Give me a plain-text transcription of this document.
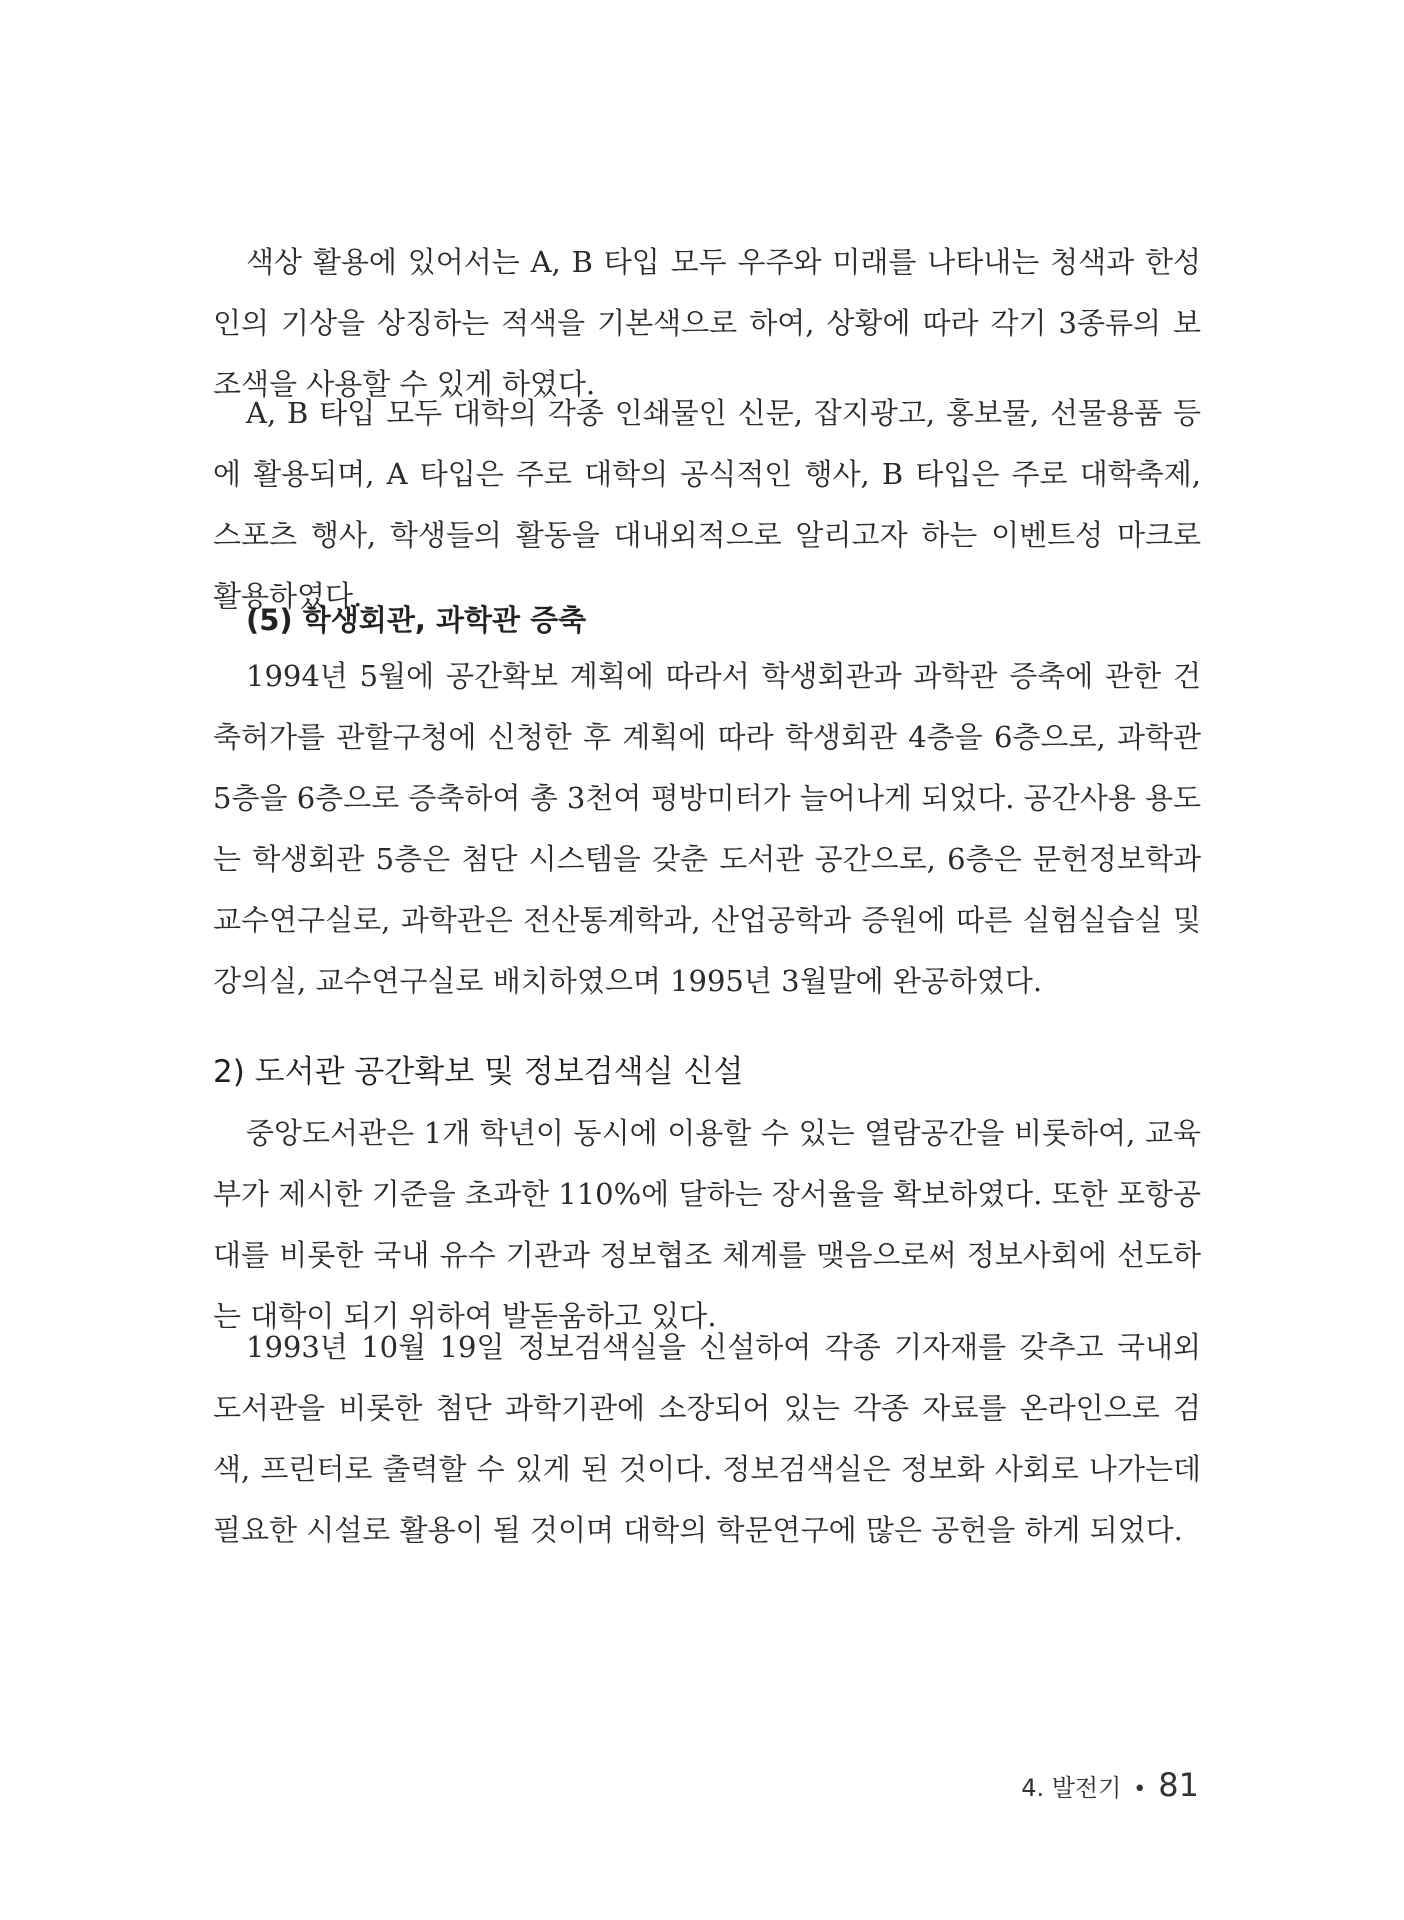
색상 활용에 있어서는 A, B 타입 모두 우주와 미래를 나타내는 청색과 한성인의 기상을 상징하는 적색을 기본색으로 하여, 상황에 따라 각기 3종류의 보조색을 사용할 수 있게 하였다.

A, B 타입 모두 대학의 각종 인쇄물인 신문, 잡지광고, 홍보물, 선물용품 등에 활용되며, A 타입은 주로 대학의 공식적인 행사, B 타입은 주로 대학축제, 스포츠 행사, 학생들의 활동을 대내외적으로 알리고자 하는 이벤트성 마크로 활용하였다.

(5) 학생회관, 과학관 증축

1994년 5월에 공간확보 계획에 따라서 학생회관과 과학관 증축에 관한 건축허가를 관할구청에 신청한 후 계획에 따라 학생회관 4층을 6층으로, 과학관 5층을 6층으로 증축하여 총 3천여 평방미터가 늘어나게 되었다. 공간사용 용도는 학생회관 5층은 첨단 시스템을 갖춘 도서관 공간으로, 6층은 문헌정보학과 교수연구실로, 과학관은 전산통계학과, 산업공학과 증원에 따른 실험실습실 및 강의실, 교수연구실로 배치하였으며 1995년 3월말에 완공하였다.

2) 도서관 공간확보 및 정보검색실 신설

중앙도서관은 1개 학년이 동시에 이용할 수 있는 열람공간을 비롯하여, 교육부가 제시한 기준을 초과한 110%에 달하는 장서율을 확보하였다. 또한 포항공대를 비롯한 국내 유수 기관과 정보협조 체계를 맺음으로써 정보사회에 선도하는 대학이 되기 위하여 발돋움하고 있다.

1993년 10월 19일 정보검색실을 신설하여 각종 기자재를 갖추고 국내외 도서관을 비롯한 첨단 과학기관에 소장되어 있는 각종 자료를 온라인으로 검색, 프린터로 출력할 수 있게 된 것이다. 정보검색실은 정보화 사회로 나가는데 필요한 시설로 활용이 될 것이며 대학의 학문연구에 많은 공헌을 하게 되었다.

4. 발전기 • 81
